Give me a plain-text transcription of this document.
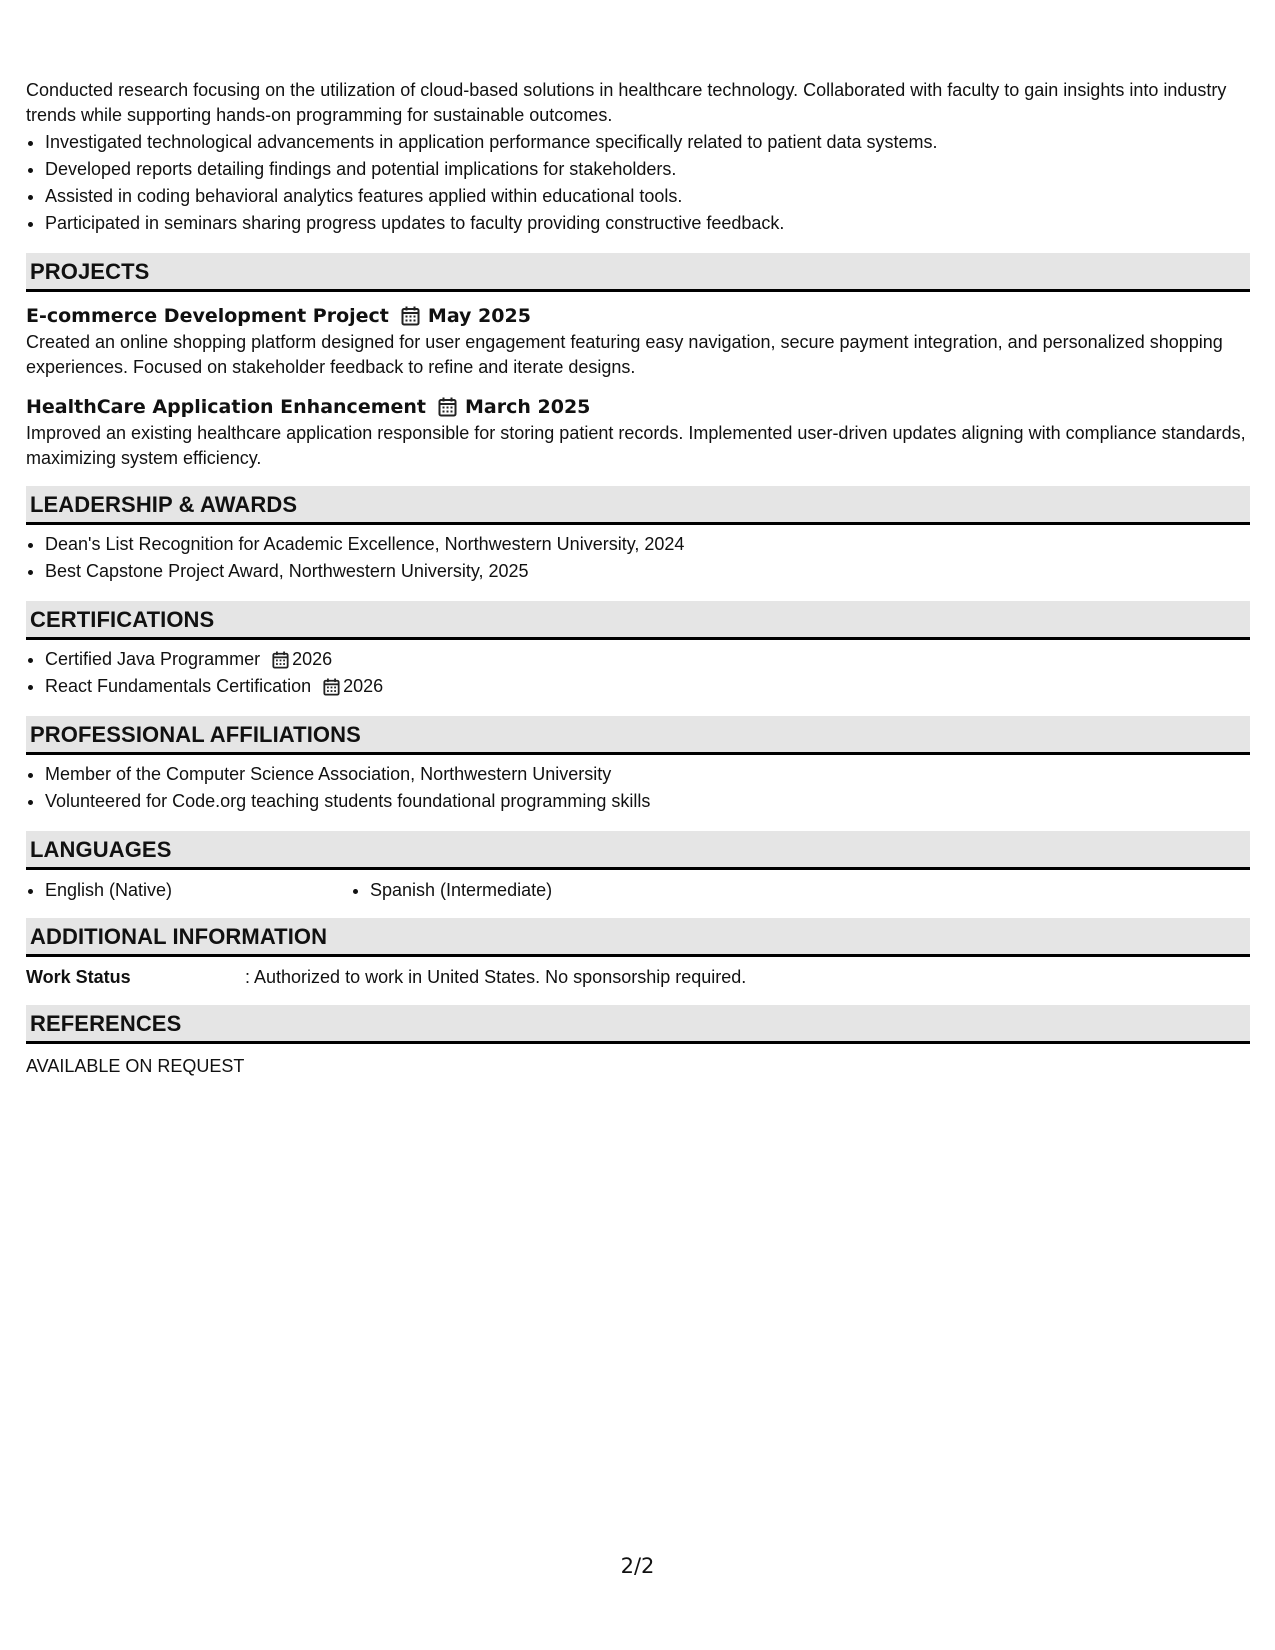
Conducted research focusing on the utilization of cloud-based solutions in healthcare technology. Collaborated with faculty to gain insights into industry trends while supporting hands-on programming for sustainable outcomes.

• Investigated technological advancements in application performance specifically related to patient data systems.
• Developed reports detailing findings and potential implications for stakeholders.
• Assisted in coding behavioral analytics features applied within educational tools.
• Participated in seminars sharing progress updates to faculty providing constructive feedback.
PROJECTS
E-commerce Development Project May 2025

Created an online shopping platform designed for user engagement featuring easy navigation, secure payment integration, and personalized shopping experiences. Focused on stakeholder feedback to refine and iterate designs.

HealthCare Application Enhancement March 2025

Improved an existing healthcare application responsible for storing patient records. Implemented user-driven updates aligning with compliance standards, maximizing system efficiency.

LEADERSHIP & AWARDS
• Dean's List Recognition for Academic Excellence, Northwestern University, 2024
• Best Capstone Project Award, Northwestern University, 2025
CERTIFICATIONS
• Certified Java Programmer 2026
• React Fundamentals Certification 2026
PROFESSIONAL AFFILIATIONS
• Member of the Computer Science Association, Northwestern University
• Volunteered for Code.org teaching students foundational programming skills
LANGUAGES
• English (Native)
•	Spanish (Intermediate)
ADDITIONAL INFORMATION
Work Status	: Authorized to work in United States. No sponsorship required.
REFERENCES
AVAILABLE ON REQUEST
2/2
